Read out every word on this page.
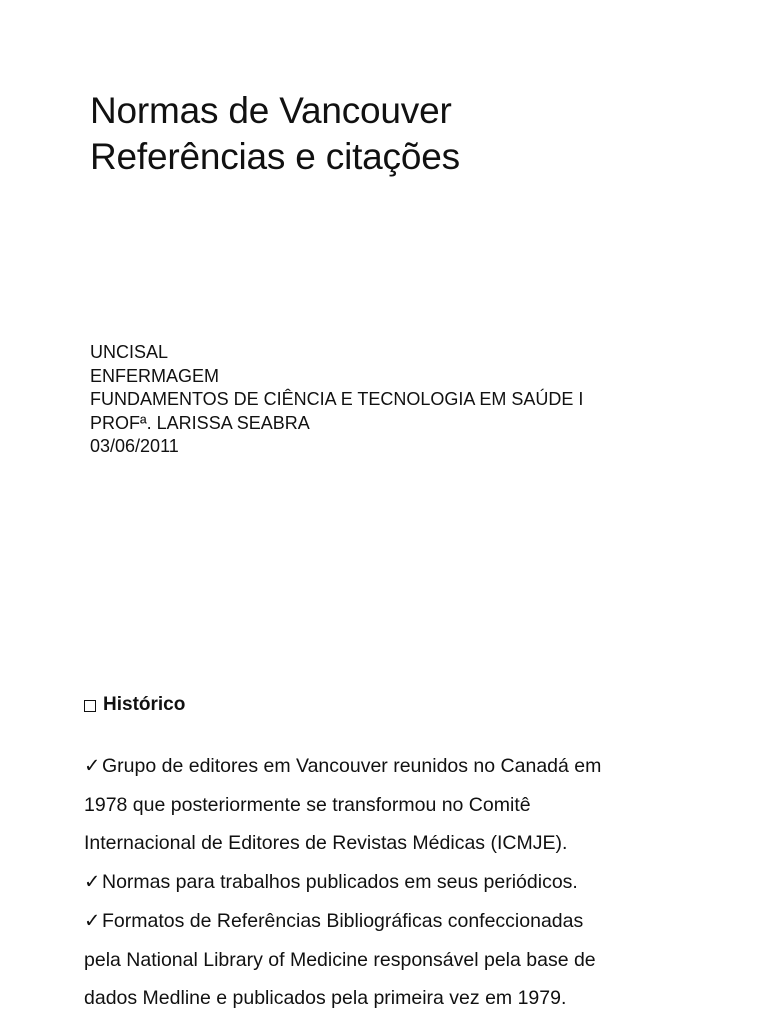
Normas de Vancouver
Referências e citações
UNCISAL
ENFERMAGEM
FUNDAMENTOS DE CIÊNCIA E TECNOLOGIA EM SAÚDE I
PROFª. LARISSA SEABRA
03/06/2011
Histórico
✓Grupo de editores em Vancouver reunidos no Canadá em
1978 que posteriormente se transformou no Comitê
Internacional de Editores de Revistas Médicas (ICMJE).
✓Normas para trabalhos publicados em seus periódicos.
✓Formatos de Referências Bibliográficas confeccionadas
pela National Library of Medicine responsável pela base de
dados Medline e publicados pela primeira vez em 1979.
